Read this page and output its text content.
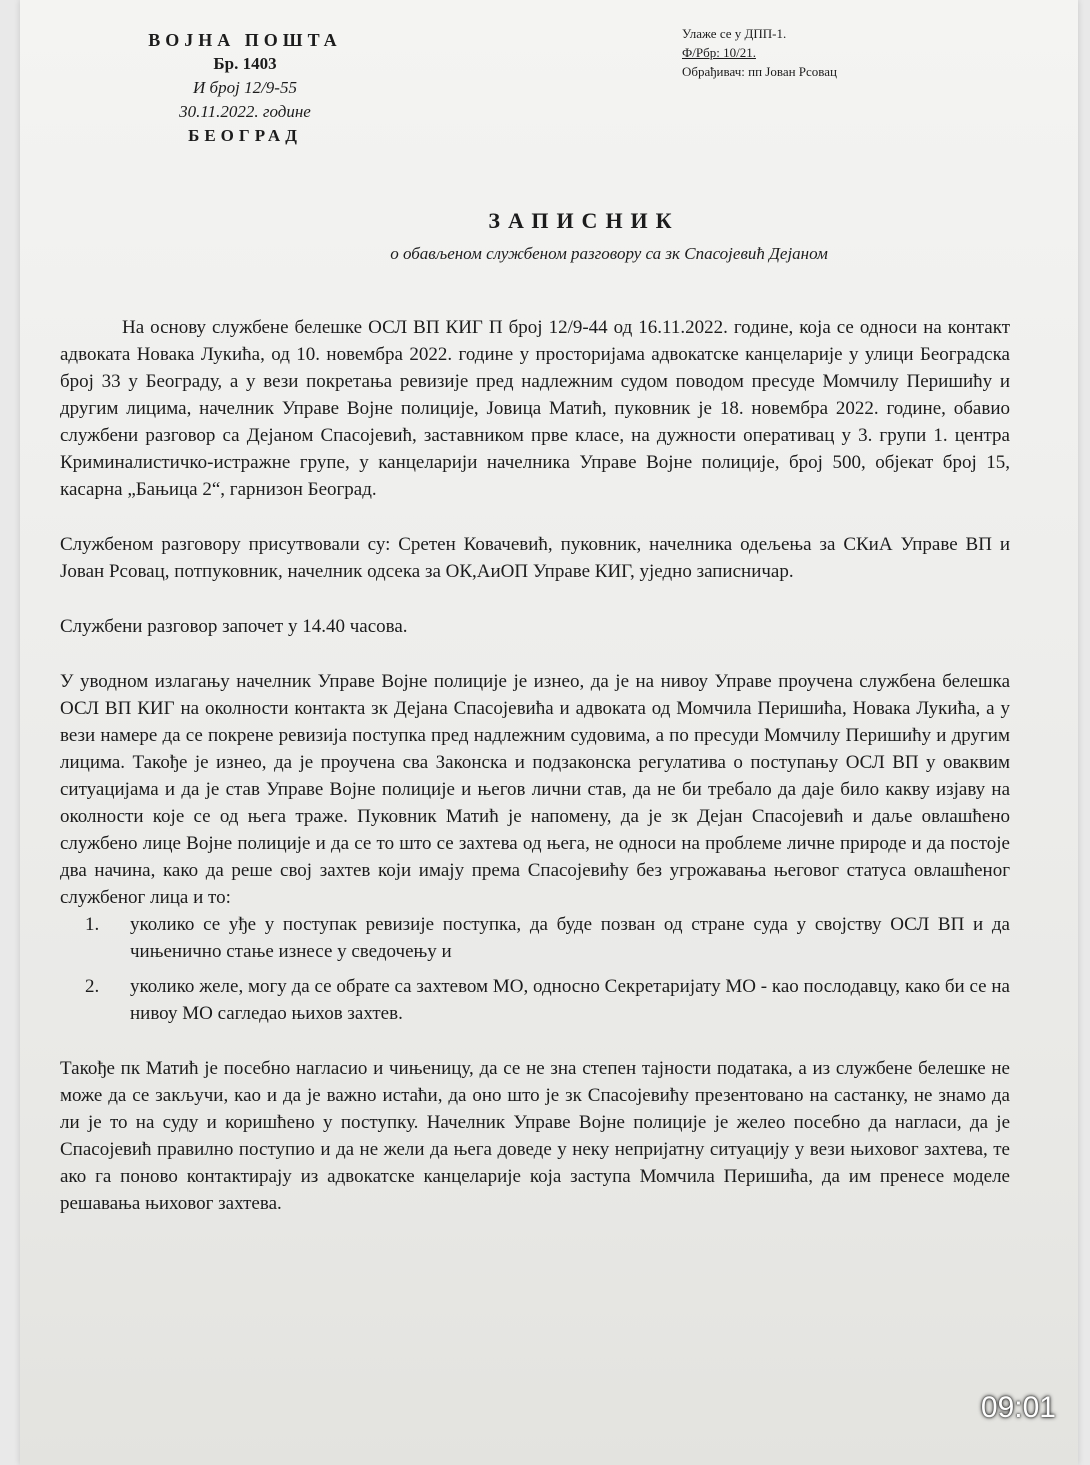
ВОЈНА ПОШТА
Бр. 1403
И број 12/9-55
30.11.2022. године
БЕОГРАД
Улаже се у ДПП-1.
Ф/Рбр: 10/21.
Обрађивач: пп Јован Рсовац
ЗАПИСНИК

о обављеном службеном разговору са зк Спасојевић Дејаном

На основу службене белешке ОСЛ ВП КИГ П број 12/9-44 од 16.11.2022. године, која се односи на контакт адвоката Новака Лукића, од 10. новембра 2022. године у просторијама адвокатске канцеларије у улици Београдска број 33 у Београду, а у вези покретања ревизије пред надлежним судом поводом пресуде Момчилу Перишићу и другим лицима, начелник Управе Војне полиције, Јовица Матић, пуковник је 18. новембра 2022. године, обавио службени разговор са Дејаном Спасојевић, заставником прве класе, на дужности оперативац у 3. групи 1. центра Криминалистичко-истражне групе, у канцеларији начелника Управе Војне полиције, број 500, објекат број 15, касарна „Бањица 2“, гарнизон Београд.

Службеном разговору присутвовали су: Сретен Ковачевић, пуковник, начелника одељења за СКиА Управе ВП и Јован Рсовац, потпуковник, начелник одсека за ОК,АиОП Управе КИГ, уједно записничар.

Службени разговор започет у 14.40 часова.

У уводном излагању начелник Управе Војне полиције је изнео, да је на нивоу Управе проучена службена белешка ОСЛ ВП КИГ на околности контакта зк Дејана Спасојевића и адвоката од Момчила Перишића, Новака Лукића, а у вези намере да се покрене ревизија поступка пред надлежним судовима, а по пресуди Момчилу Перишићу и другим лицима. Такође је изнео, да је проучена сва Законска и подзаконска регулатива о поступању ОСЛ ВП у оваквим ситуацијама и да је став Управе Војне полиције и његов лични став, да не би требало да даје било какву изјаву на околности које се од њега траже. Пуковник Матић је напомену, да је зк Дејан Спасојевић и даље овлашћено службено лице Војне полиције и да се то што се захтева од њега, не односи на проблеме личне природе и да постоје два начина, како да реше свој захтев који имају према Спасојевићу без угрожавања његовог статуса овлашћеног службеног лица и то:

1. уколико се уђе у поступак ревизије поступка, да буде позван од стране суда у својству ОСЛ ВП и да чињенично стање изнесе у сведочењу и
2. уколико желе, могу да се обрате са захтевом МО, односно Секретаријату МО - као послодавцу, како би се на нивоу МО сагледао њихов захтев.

Такође пк Матић је посебно нагласио и чињеницу, да се не зна степен тајности података, а из службене белешке не може да се закључи, као и да је важно истаћи, да оно што је зк Спасојевићу презентовано на састанку, не знамо да ли је то на суду и коришћено у поступку. Начелник Управе Војне полиције је желео посебно да нагласи, да је Спасојевић правилно поступио и да не жели да њега доведе у неку непријатну ситуацију у вези њиховог захтева, те ако га поново контактирају из адвокатске канцеларије која заступа Момчила Перишића, да им пренесе моделе решавања њиховог захтева.

09:01
